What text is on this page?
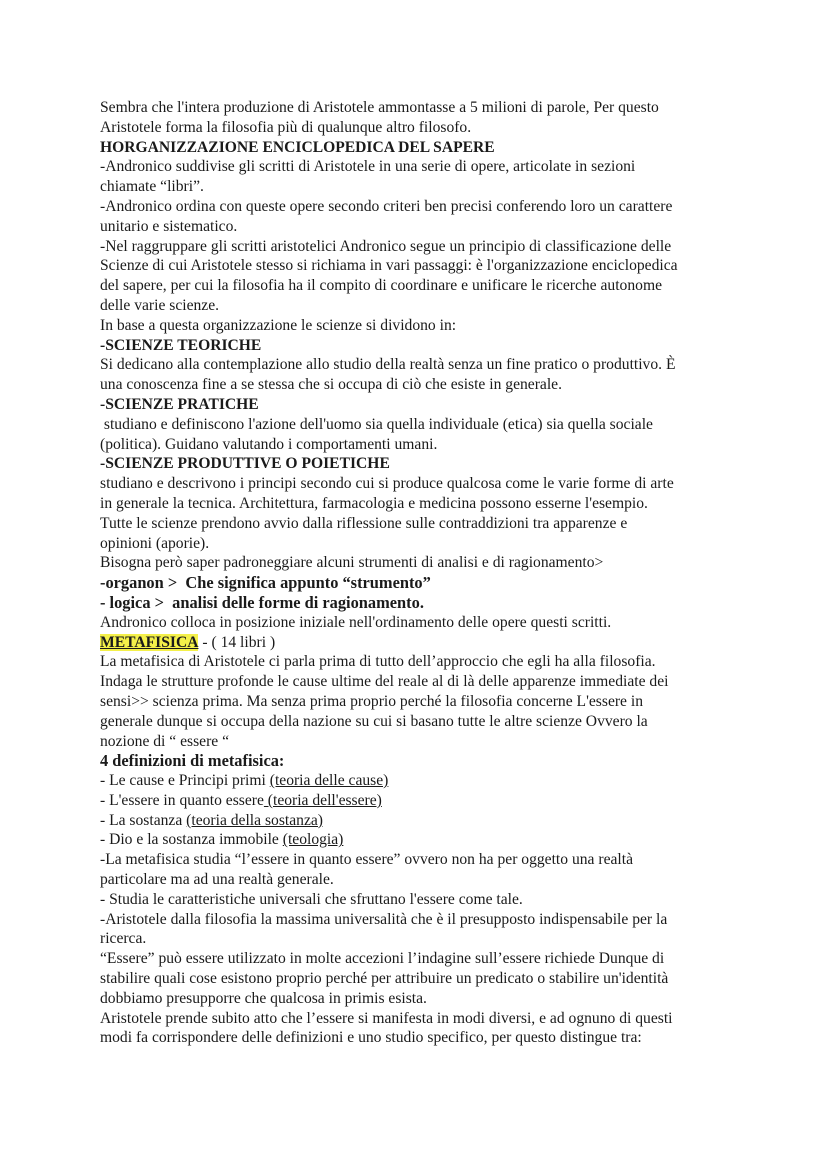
Sembra che l'intera produzione di Aristotele ammontasse a 5 milioni di parole, Per questo

Aristotele forma la filosofia più di qualunque altro filosofo.

HORGANIZZAZIONE ENCICLOPEDICA DEL SAPERE

-Andronico suddivise gli scritti di Aristotele in una serie di opere, articolate in sezioni

chiamate “libri”.

-Andronico ordina con queste opere secondo criteri ben precisi conferendo loro un carattere

unitario e sistematico.

-Nel raggruppare gli scritti aristotelici Andronico segue un principio di classificazione delle

Scienze di cui Aristotele stesso si richiama in vari passaggi: è l'organizzazione enciclopedica

del sapere, per cui la filosofia ha il compito di coordinare e unificare le ricerche autonome

delle varie scienze.

In base a questa organizzazione le scienze si dividono in:

-SCIENZE TEORICHE

Si dedicano alla contemplazione allo studio della realtà senza un fine pratico o produttivo. È

una conoscenza fine a se stessa che si occupa di ciò che esiste in generale.

-SCIENZE PRATICHE

studiano e definiscono l'azione dell'uomo sia quella individuale (etica) sia quella sociale

(politica). Guidano valutando i comportamenti umani.

-SCIENZE PRODUTTIVE O POIETICHE

studiano e descrivono i principi secondo cui si produce qualcosa come le varie forme di arte

in generale la tecnica. Architettura, farmacologia e medicina possono esserne l'esempio.

Tutte le scienze prendono avvio dalla riflessione sulle contraddizioni tra apparenze e

opinioni (aporie).

Bisogna però saper padroneggiare alcuni strumenti di analisi e di ragionamento>

-organon >  Che significa appunto “strumento”

- logica >  analisi delle forme di ragionamento.

Andronico colloca in posizione iniziale nell'ordinamento delle opere questi scritti.

METAFISICA - ( 14 libri )

La metafisica di Aristotele ci parla prima di tutto dell’approccio che egli ha alla filosofia.

Indaga le strutture profonde le cause ultime del reale al di là delle apparenze immediate dei

sensi>> scienza prima. Ma senza prima proprio perché la filosofia concerne L'essere in

generale dunque si occupa della nazione su cui si basano tutte le altre scienze Ovvero la

nozione di “ essere “

4 definizioni di metafisica:

- Le cause e Principi primi (teoria delle cause)

- L'essere in quanto essere (teoria dell'essere)

- La sostanza (teoria della sostanza)

- Dio e la sostanza immobile (teologia)

-La metafisica studia “l’essere in quanto essere” ovvero non ha per oggetto una realtà

particolare ma ad una realtà generale.

- Studia le caratteristiche universali che sfruttano l'essere come tale.

-Aristotele dalla filosofia la massima universalità che è il presupposto indispensabile per la

ricerca.

“Essere” può essere utilizzato in molte accezioni l’indagine sull’essere richiede Dunque di

stabilire quali cose esistono proprio perché per attribuire un predicato o stabilire un'identità

dobbiamo presupporre che qualcosa in primis esista.

Aristotele prende subito atto che l’essere si manifesta in modi diversi, e ad ognuno di questi

modi fa corrispondere delle definizioni e uno studio specifico, per questo distingue tra:
